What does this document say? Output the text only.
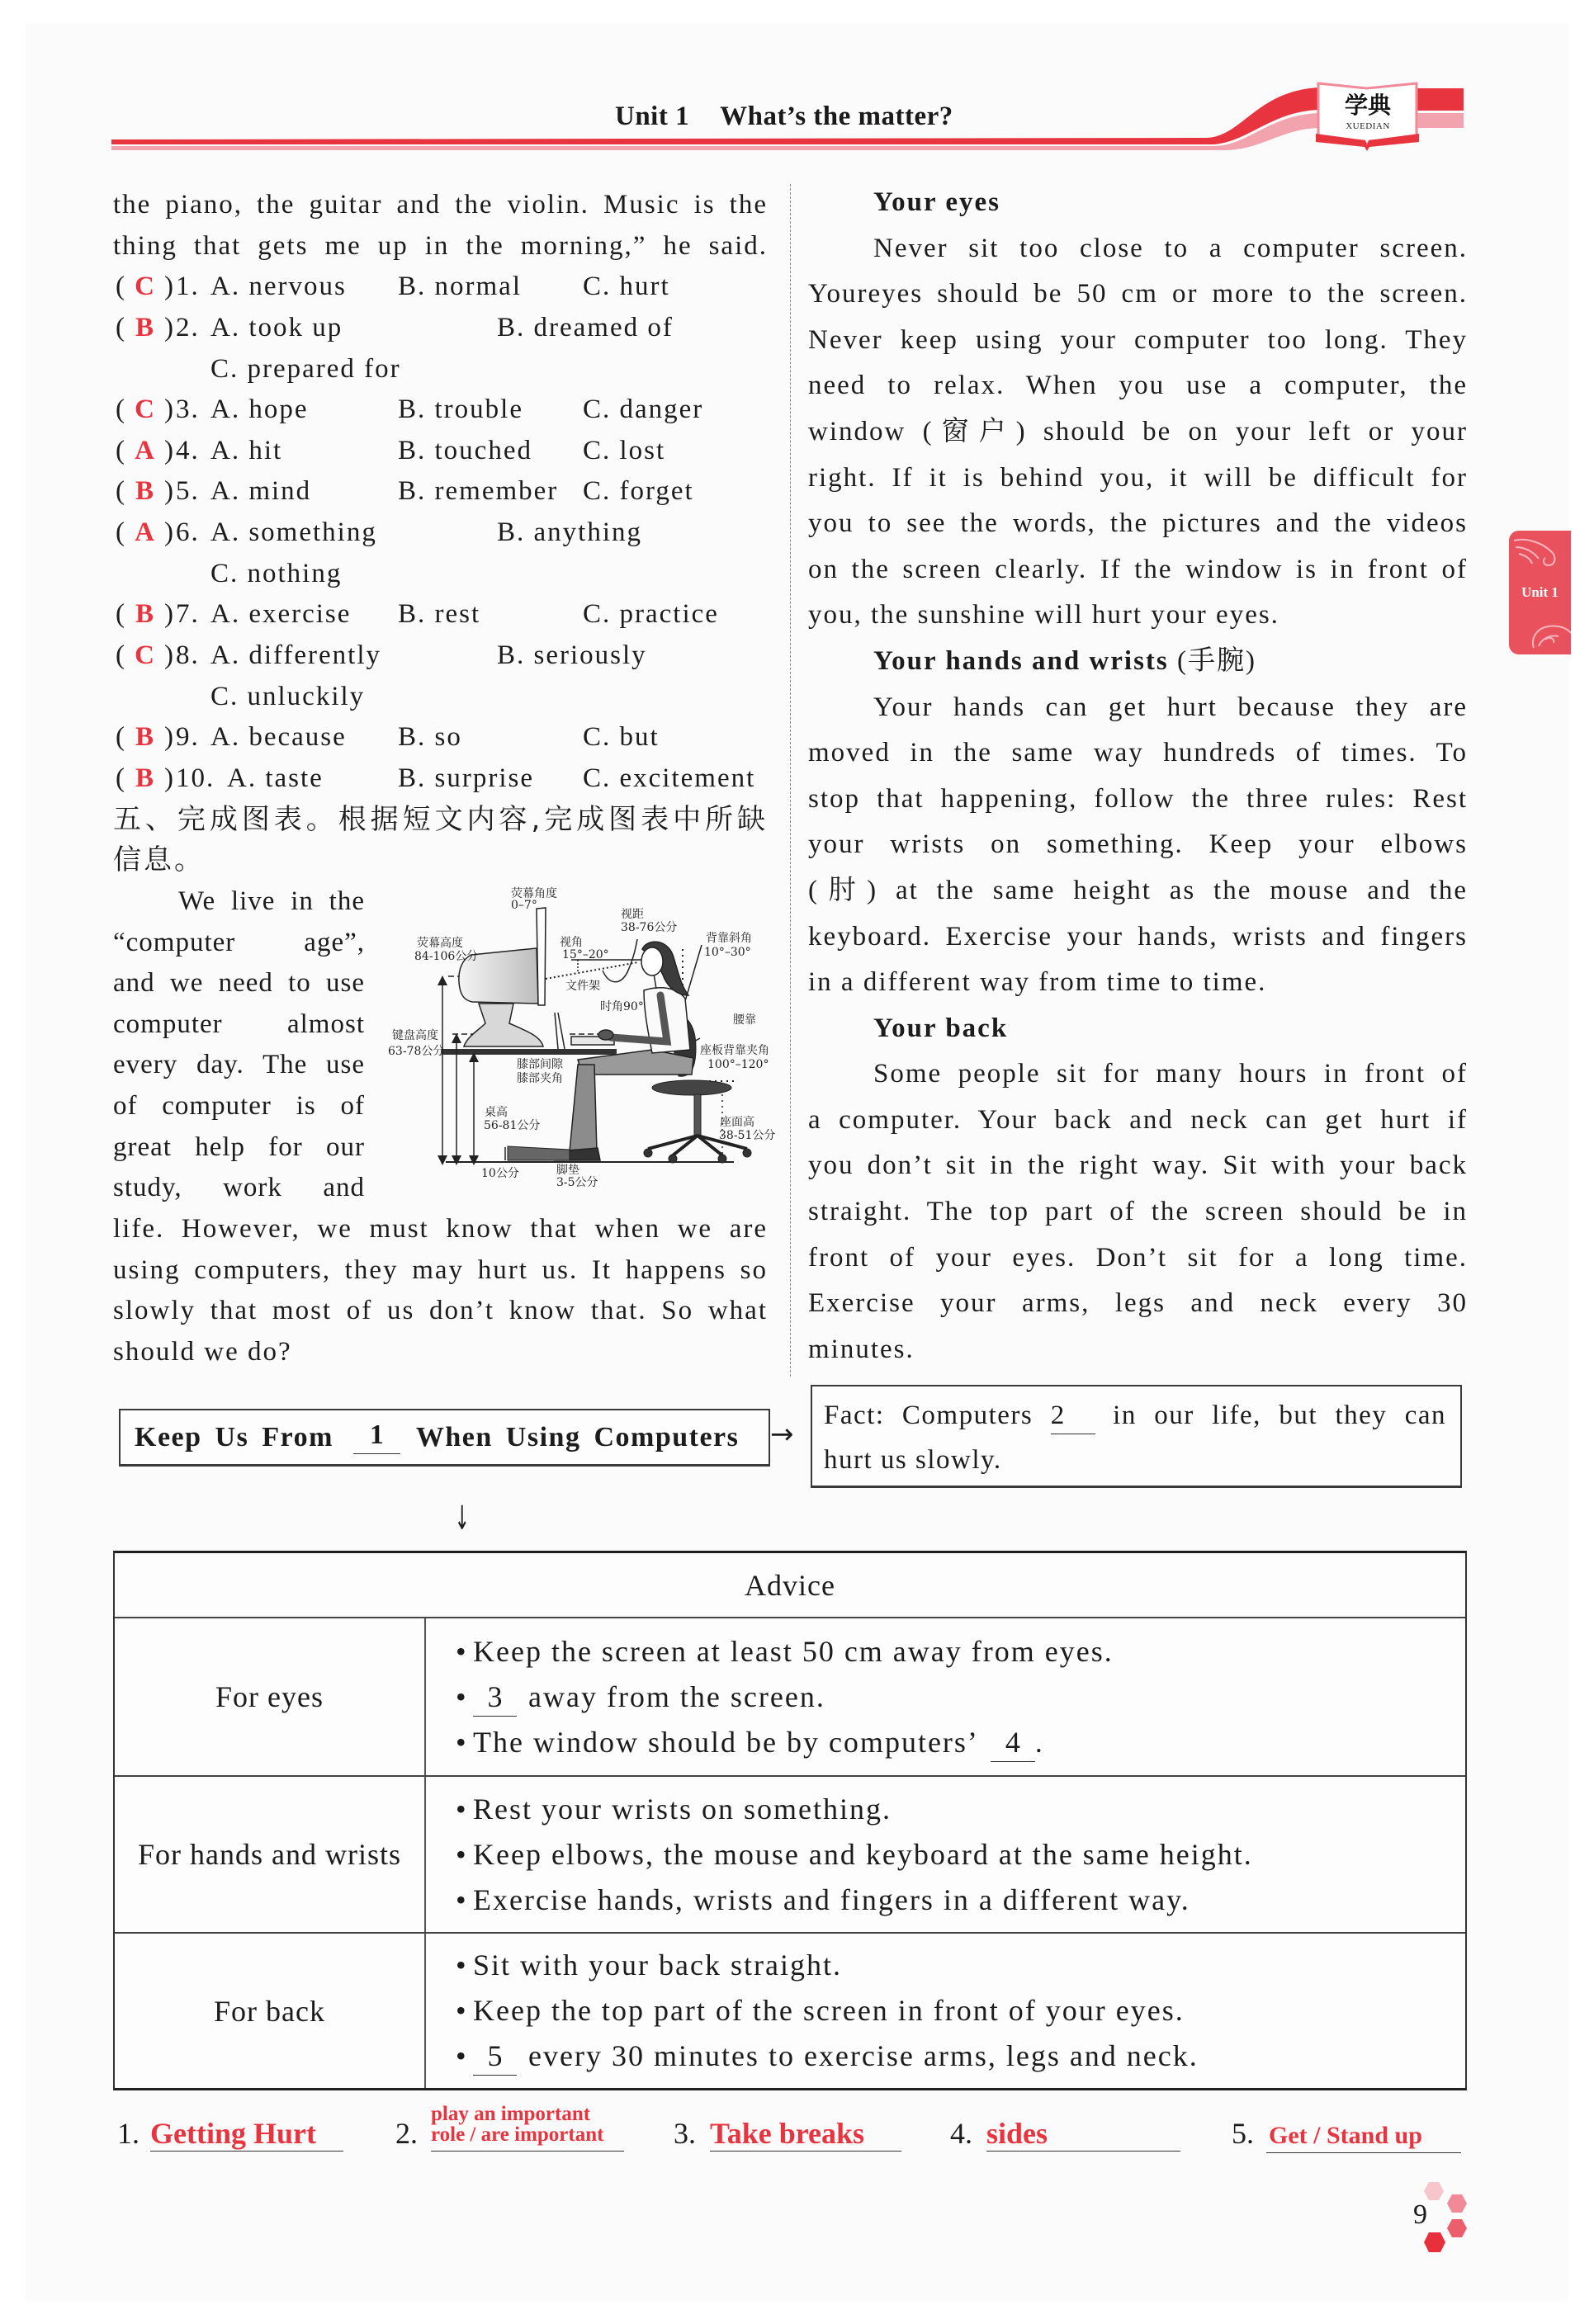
学典
XUEDIAN
Unit 1 What’s the matter?
Unit 1
the piano, the guitar and the violin. Music is the
thing that gets me up in the morning,” he said.
( C ) 1. A. nervous B. normal C. hurt
( B ) 2. A. took up	B. dreamed of
C. prepared for
( C ) 3. A. hope	B. trouble C. danger
( A ) 4. A. hit	B. touched C. lost
( B ) 5. A. mind	B. remember C. forget
( A ) 6. A. something	B. anything
C. nothing
( B ) 7. A. exercise B. rest	C. practice
( C ) 8. A. differently	B. seriously
C. unluckily
( B ) 9. A. because B. so	C. but
( B ) 10. A. taste	B. surprise C. excitement
五、完成图表。根据短文内容,完成图表中所缺
信息。
We live in the
“computer age”,
and we need to use
computer almost
every day. The use
of computer is of
great help for our
study, work and
life. However, we must know that when we are
using computers, they may hurt us. It happens so
slowly that most of us don’t know that. So what
should we do?
荧幕角度
0–7°
视距
38-76公分
背靠斜角
10°–30°
荧幕高度
84-106公分
视角
15°–20°
文件架
时角90°
腰靠
键盘高度
63-78公分	座板背靠夹角
100°–120°
膝部间隙
膝部夹角
桌高
56-81公分	座面高
38-51公分
10公分	脚垫
3-5公分
Your eyes
Never sit too close to a computer screen.
Youreyes should be 50 cm or more to the screen.
Never keep using your computer too long. They
need to relax. When you use a computer, the
window (窗户) should be on your left or your
right. If it is behind you, it will be difficult for
you to see the words, the pictures and the videos
on the screen clearly. If the window is in front of
you, the sunshine will hurt your eyes.
Your hands and wrists (手腕)
Your hands can get hurt because they are
moved in the same way hundreds of times. To
stop that happening, follow the three rules: Rest
your wrists on something. Keep your elbows
(肘) at the same height as the mouse and the
keyboard. Exercise your hands, wrists and fingers
in a different way from time to time.
Your back
Some people sit for many hours in front of
a computer. Your back and neck can get hurt if
you don’t sit in the right way. Sit with your back
straight. The top part of the screen should be in
front of your eyes. Don’t sit for a long time.
Exercise your arms, legs and neck every 30
minutes.
Keep Us From	1	When Using Computers →
Fact: Computers 2 in our life, but they can
hurt us slowly.
↓
Advice
For eyes
• Keep the screen at least 50 cm away from eyes.
• 3 away from the screen.
• The window should be by computers’ 4 .
For hands and wrists
• Rest your wrists on something.
• Keep elbows, the mouse and keyboard at the same height.
• Exercise hands, wrists and fingers in a different way.
For back
• Sit with your back straight.
• Keep the top part of the screen in front of your eyes.
• 5 every 30 minutes to exercise arms, legs and neck.
1. Getting Hurt	2.
play an important
role / are important	3. Take breaks	4. sides	5. Get / Stand up
9
